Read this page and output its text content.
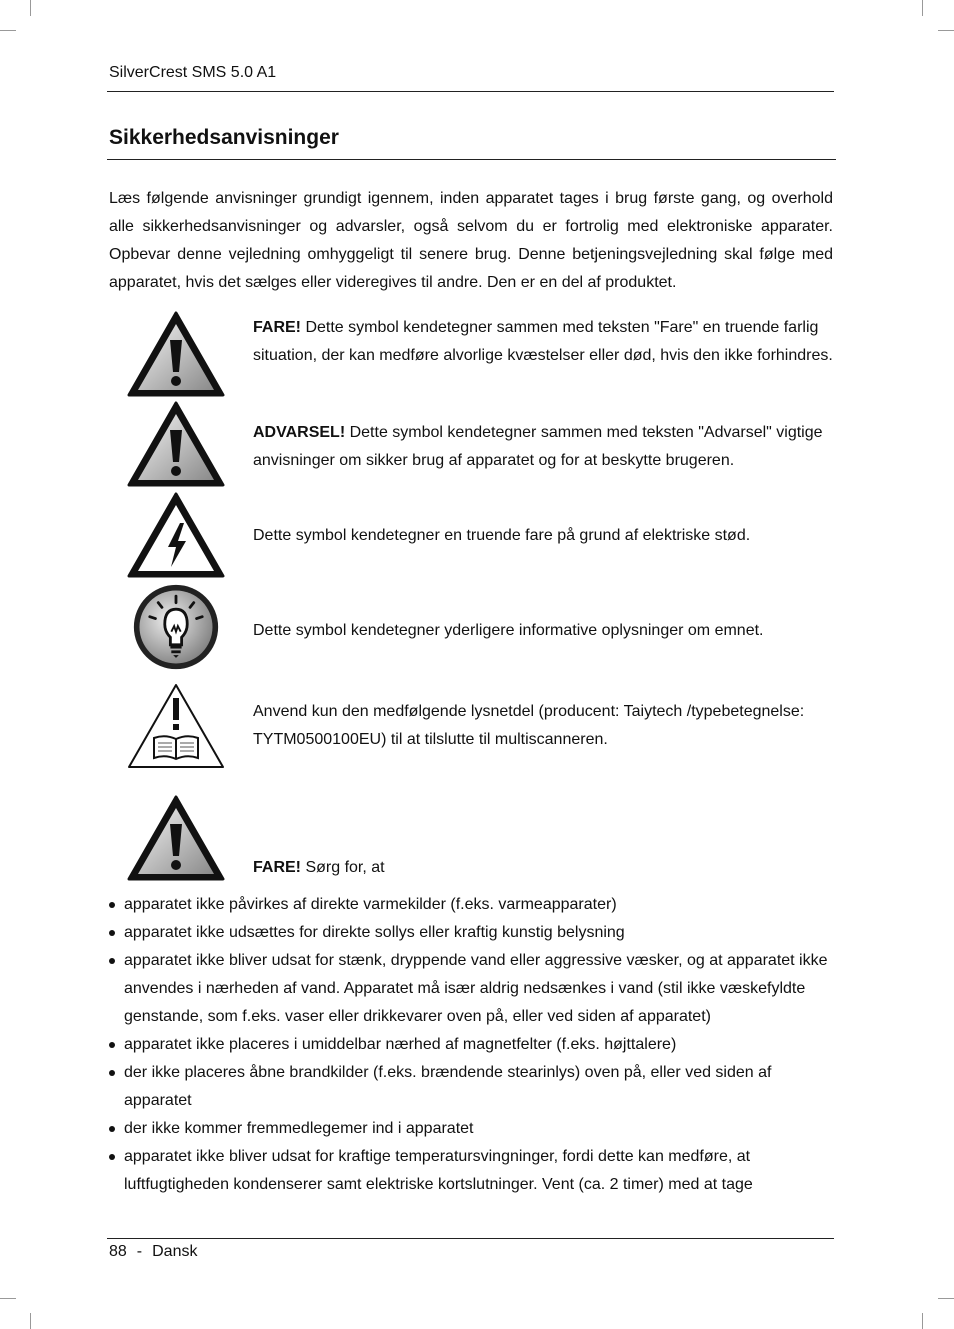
SilverCrest SMS 5.0 A1
Sikkerhedsanvisninger

Læs følgende anvisninger grundigt igennem, inden apparatet tages i brug første gang, og overhold alle sikkerhedsanvisninger og advarsler, også selvom du er fortrolig med elektroniske apparater. Opbevar denne vejledning omhyggeligt til senere brug. Denne betjeningsvejledning skal følge med apparatet, hvis det sælges eller videregives til andre. Den er en del af produktet.

FARE! Dette symbol kendetegner sammen med teksten "Fare" en truende farlig situation, der kan medføre alvorlige kvæstelser eller død, hvis den ikke forhindres.

ADVARSEL! Dette symbol kendetegner sammen med teksten "Advarsel" vigtige anvisninger om sikker brug af apparatet og for at beskytte brugeren.

Dette symbol kendetegner en truende fare på grund af elektriske stød.

Dette symbol kendetegner yderligere informative oplysninger om emnet.

Anvend kun den medfølgende lysnetdel (producent: Taiytech /typebetegnelse: TYTM0500100EU) til at tilslutte til multiscanneren.

FARE! Sørg for, at

apparatet ikke påvirkes af direkte varmekilder (f.eks. varmeapparater)
apparatet ikke udsættes for direkte sollys eller kraftig kunstig belysning
apparatet ikke bliver udsat for stænk, dryppende vand eller aggressive væsker, og at apparatet ikke anvendes i nærheden af vand. Apparatet må især aldrig nedsænkes i vand (stil ikke væskefyldte genstande, som f.eks. vaser eller drikkevarer oven på, eller ved siden af apparatet)
apparatet ikke placeres i umiddelbar nærhed af magnetfelter (f.eks. højttalere)
der ikke placeres åbne brandkilder (f.eks. brændende stearinlys) oven på, eller ved siden af apparatet
der ikke kommer fremmedlegemer ind i apparatet
apparatet ikke bliver udsat for kraftige temperatursvingninger, fordi dette kan medføre, at luftfugtigheden kondenserer samt elektriske kortslutninger. Vent (ca. 2 timer) med at tage
88 - Dansk
